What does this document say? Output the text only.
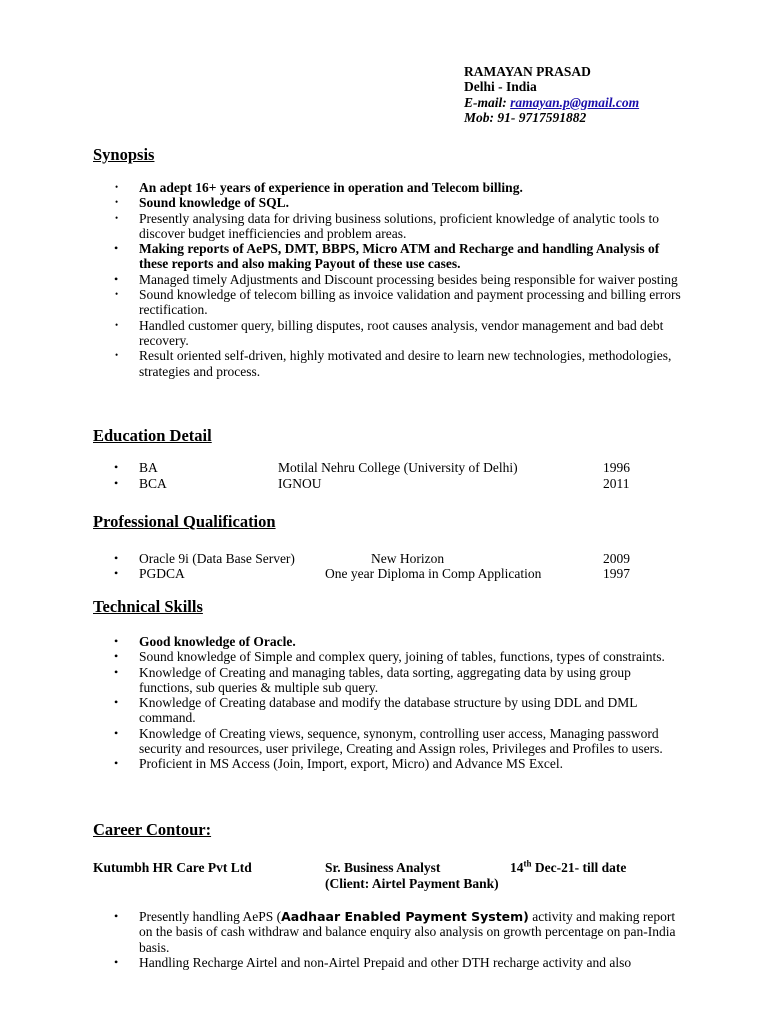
RAMAYAN PRASAD
Delhi - India
E-mail: ramayan.p@gmail.com
Mob: 91- 9717591882
Synopsis
• An adept 16+ years of experience in operation and Telecom billing.
• Sound knowledge of SQL.
• Presently analysing data for driving business solutions, proficient knowledge of analytic tools to discover budget inefficiencies and problem areas.
• Making reports of AePS, DMT, BBPS, Micro ATM and Recharge and handling Analysis of these reports and also making Payout of these use cases.
• Managed timely Adjustments and Discount processing besides being responsible for waiver posting
• Sound knowledge of telecom billing as invoice validation and payment processing and billing errors rectification.
• Handled customer query, billing disputes, root causes analysis, vendor management and bad debt recovery.
• Result oriented self-driven, highly motivated and desire to learn new technologies, methodologies, strategies and process.
Education Detail
• BA	Motilal Nehru College (University of Delhi)	1996
• BCA	IGNOU	2011
Professional Qualification
• Oracle 9i (Data Base Server)	New Horizon	2009
• PGDCA	One year Diploma in Comp Application	1997
Technical Skills
• Good knowledge of Oracle.
• Sound knowledge of Simple and complex query, joining of tables, functions, types of constraints.
• Knowledge of Creating and managing tables, data sorting, aggregating data by using group functions, sub queries & multiple sub query.
• Knowledge of Creating database and modify the database structure by using DDL and DML command.
• Knowledge of Creating views, sequence, synonym, controlling user access, Managing password security and resources, user privilege, Creating and Assign roles, Privileges and Profiles to users.
• Proficient in MS Access (Join, Import, export, Micro) and Advance MS Excel.
Career Contour:
Kutumbh HR Care Pvt Ltd	Sr. Business Analyst	14th Dec-21- till date
(Client: Airtel Payment Bank)
• Presently handling AePS (Aadhaar Enabled Payment System) activity and making report on the basis of cash withdraw and balance enquiry also analysis on growth percentage on pan-India basis.
• Handling Recharge Airtel and non-Airtel Prepaid and other DTH recharge activity and also
